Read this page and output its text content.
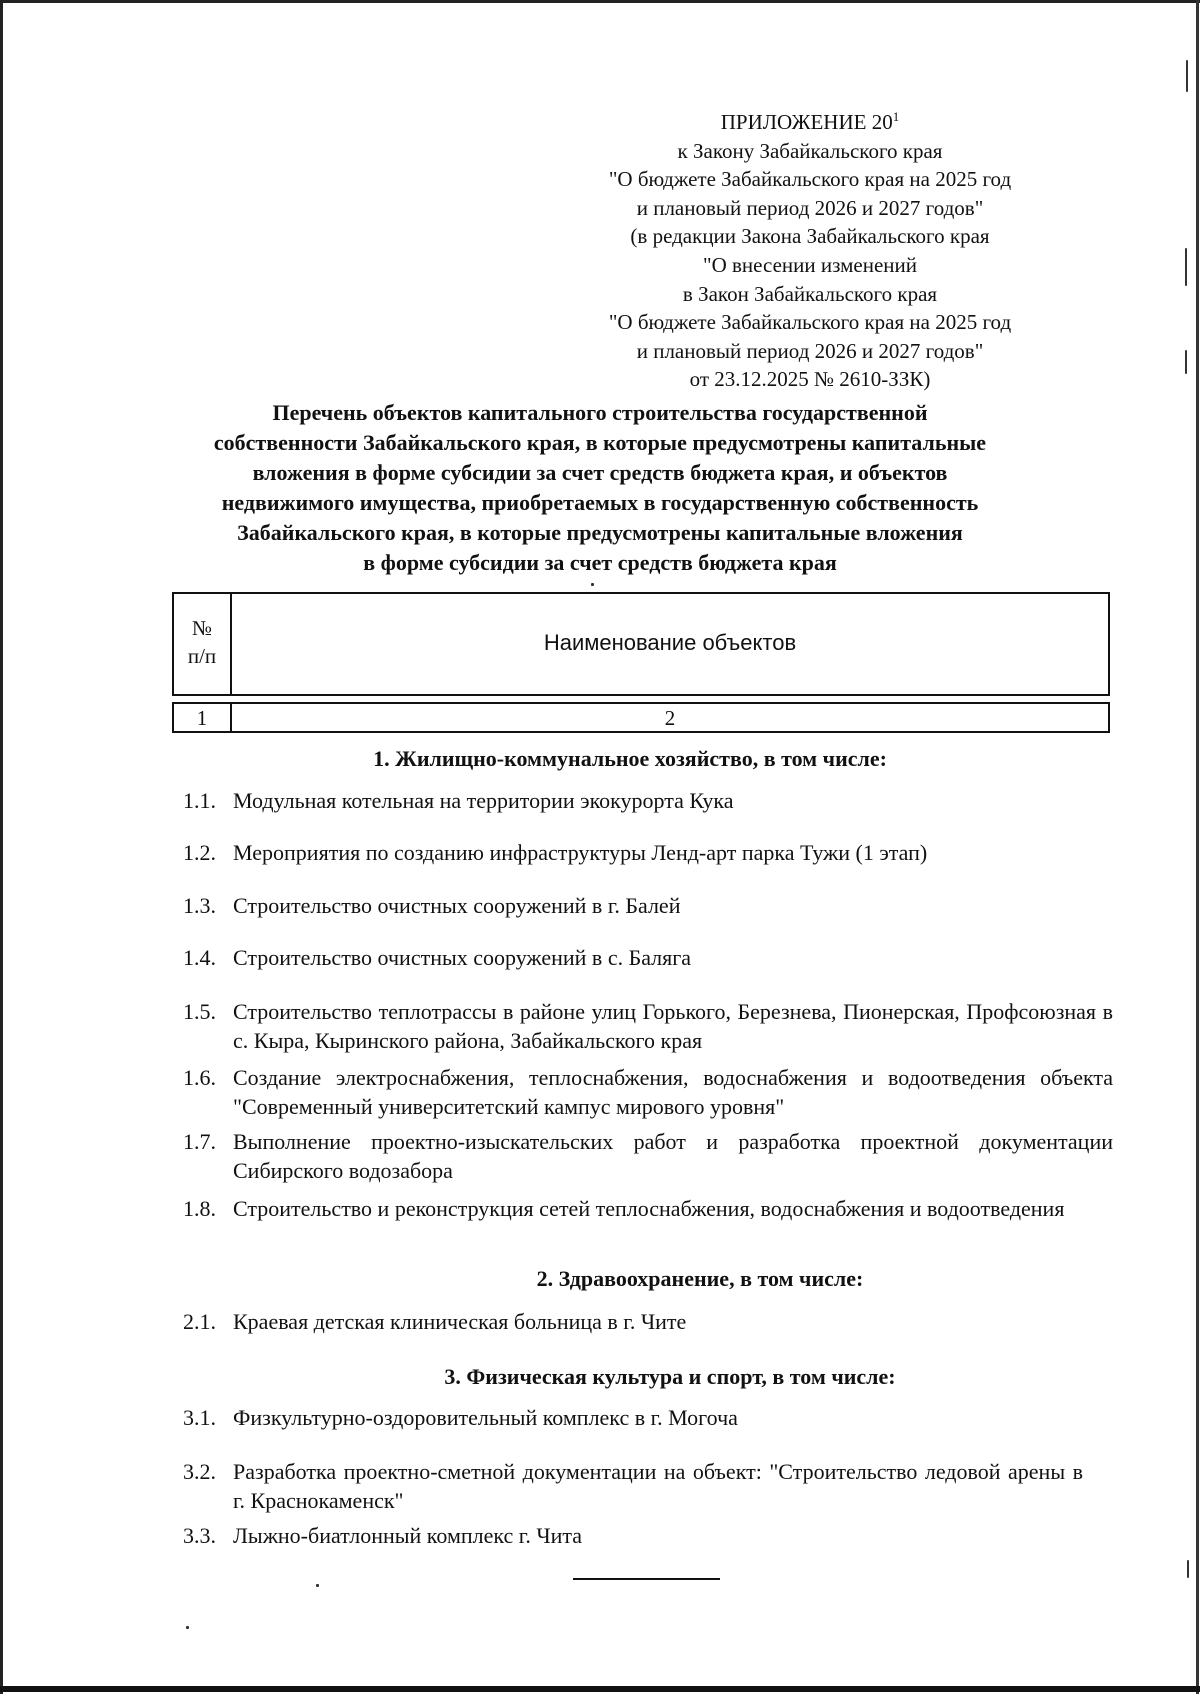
ПРИЛОЖЕНИЕ $20^1$
к Закону Забайкальского края
"О бюджете Забайкальского края на 2025 год
и плановый период 2026 и 2027 годов"
(в редакции Закона Забайкальского края
"О внесении изменений
в Закон Забайкальского края
"О бюджете Забайкальского края на 2025 год
и плановый период 2026 и 2027 годов"
от 23.12.2025 № 2610-ЗЗК)
Перечень объектов капитального строительства государственной
собственности Забайкальского края, в которые предусмотрены капитальные
вложения в форме субсидии за счет средств бюджета края, и объектов
недвижимого имущества, приобретаемых в государственную собственность
Забайкальского края, в которые предусмотрены капитальные вложения
в форме субсидии за счет средств бюджета края
№
п/п
Наименование объектов
1	2
1. Жилищно-коммунальное хозяйство, в том числе:
1.1. Модульная котельная на территории экокурорта Кука
1.2. Мероприятия по созданию инфраструктуры Ленд-арт парка Тужи (1 этап)
1.3. Строительство очистных сооружений в г. Балей
1.4. Строительство очистных сооружений в с. Баляга
1.5. Строительство теплотрассы в районе улиц Горького, Березнева, Пионерская, Профсоюзная в с. Кыра, Кыринского района, Забайкальского края
1.6. Создание электроснабжения, теплоснабжения, водоснабжения и водоотведения объекта "Современный университетский кампус мирового уровня"
1.7. Выполнение проектно-изыскательских работ и разработка проектной документации Сибирского водозабора
1.8. Строительство и реконструкция сетей теплоснабжения, водоснабжения и водоотведения
2. Здравоохранение, в том числе:
2.1. Краевая детская клиническая больница в г. Чите
3. Физическая культура и спорт, в том числе:
3.1. Физкультурно-оздоровительный комплекс в г. Могоча
3.2. Разработка проектно-сметной документации на объект: "Строительство ледовой арены в г. Краснокаменск"
3.3. Лыжно-биатлонный комплекс г. Чита
